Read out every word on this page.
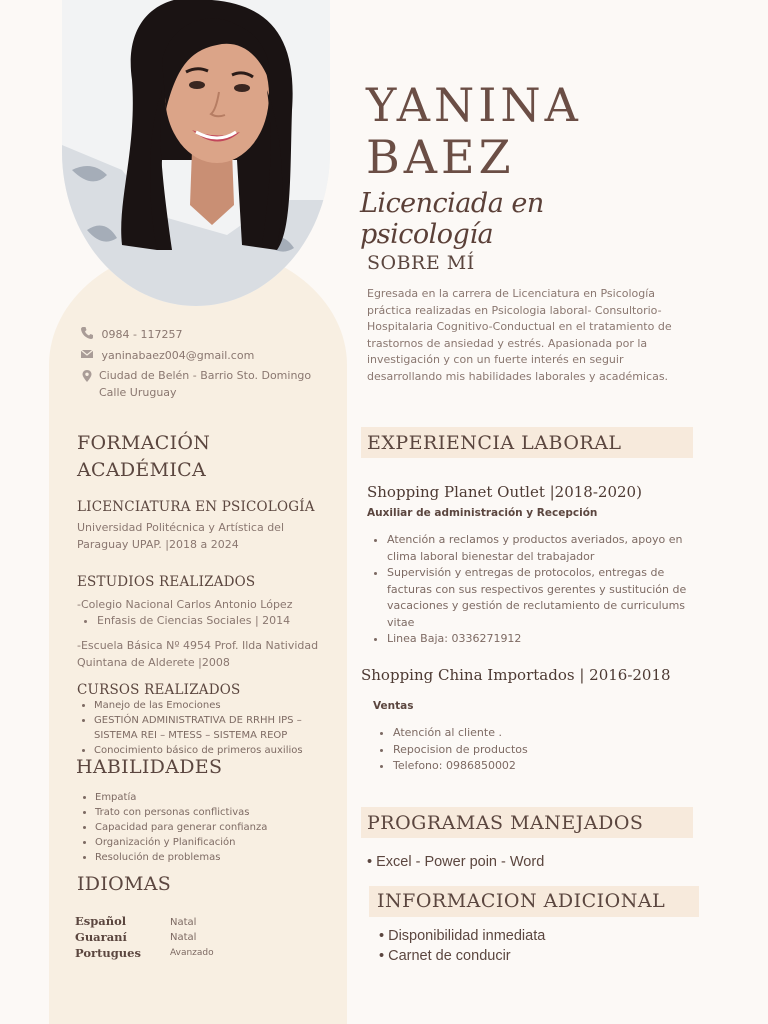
0984 - 117257
yaninabaez004@gmail.com
Ciudad de Belén - Barrio Sto. Domingo Calle Uruguay
FORMACIÓN ACADÉMICA
LICENCIATURA EN PSICOLOGÍA
Universidad Politécnica y Artística del Paraguay UPAP. |2018 a 2024
ESTUDIOS REALIZADOS
-Colegio Nacional Carlos Antonio López
• Enfasis de Ciencias Sociales | 2014
-Escuela Básica Nº 4954 Prof. Ilda Natividad Quintana de Alderete |2008
CURSOS REALIZADOS
• Manejo de las Emociones
• GESTIÓN ADMINISTRATIVA DE RRHH IPS – SISTEMA REI – MTESS – SISTEMA REOP
• Conocimiento básico de primeros auxilios
HABILIDADES
• Empatía
• Trato con personas conflictivas
• Capacidad para generar confianza
• Organización y Planificación
• Resolución de problemas
IDIOMAS
Español	Natal
Guaraní	Natal
Portugues	Avanzado
YANINA
BAEZ
Licenciada en psicología
SOBRE MÍ
Egresada en la carrera de Licenciatura en Psicología práctica realizadas en Psicologia laboral- Consultorio-Hospitalaria Cognitivo-Conductual en el tratamiento de trastornos de ansiedad y estrés. Apasionada por la investigación y con un fuerte interés en seguir desarrollando mis habilidades laborales y académicas.
EXPERIENCIA LABORAL
Shopping Planet Outlet |2018-2020)
Auxiliar de administración y Recepción
• Atención a reclamos y productos averiados, apoyo en clima laboral bienestar del trabajador
• Supervisión y entregas de protocolos, entregas de facturas con sus respectivos gerentes y sustitución de vacaciones y gestión de reclutamiento de curriculums vitae
• Linea Baja: 0336271912
Shopping China Importados | 2016-2018
Ventas
• Atención al cliente .
• Repocision de productos
• Telefono: 0986850002
PROGRAMAS MANEJADOS
• Excel - Power poin - Word
INFORMACION ADICIONAL
• Disponibilidad inmediata
• Carnet de conducir
